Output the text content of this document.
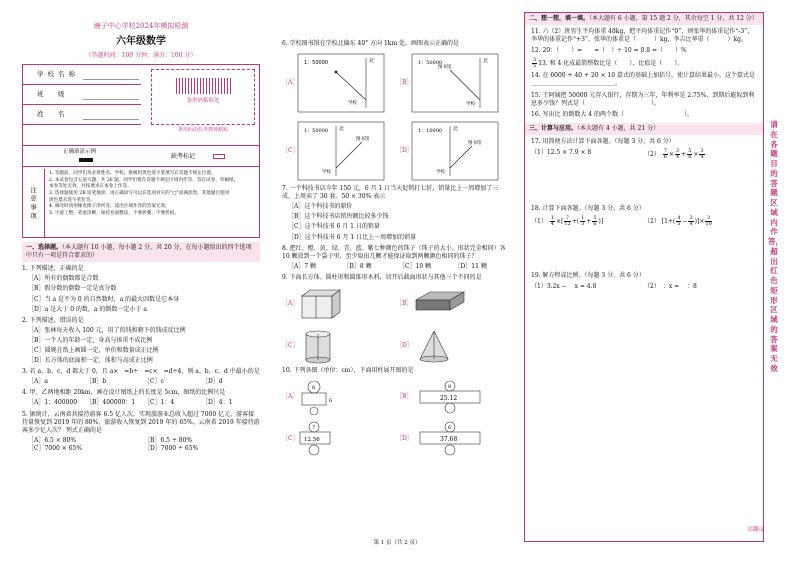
塘子中心学校2024年模拟检测
六年级数学
（答题时间：100 分钟，满分：100 分）
学校名称
班　级
姓　名
条形码粘贴处
条形码由监考教师粘贴
正确填涂示例
缺考标记
注
意
事
项
1. 答题前，同学们务必将姓名、学校、班级用黑色签字笔填写在答题卡规定位置。
2. 本试卷包含五道大题，共 26 题。同学们要在答题卡规定区域内作答，答在试卷、草稿纸、
本卷等处无效，并按要求在本卷上作答。
3. 选择题使用 2B 铅笔填涂，再正确涂写可以在选项对应的“□”涂满涂黑，其他题目使用
黑色墨水签字笔作答。
4. 修改时请用橡皮擦干净所答，超出区域作答的答案无效。
5. 字迹工整，笔迹清晰，保持卷面整洁，不要折叠、不要折损。
一、选择题。（本大题有 10 小题，每小题 2 分，共 20 分，在每小题给出的四个选项中只有一项是符合要求的）
1. 下列描述，正确的是
［A］所有的偶数都是合数
［B］假分数的倒数一定是真分数
［C］当 a 是不为 0 的自然数时，a 的最大因数是它本身
［D］a 是大于 0 的数，a 的倒数一定小于 a
2. 下列描述，错误的是
［A］张林每天收入 100 元，用了的钱和剩下的钱成反比例
［B］一个人的年龄一定，身高与体重不成比例
［C］圆规在纸上画圆一定，单价和数量成正比例
［D］长方体的底面积一定，体积与高成正比例
3. 若 a、b、c、d 都大于 0，且 a×　=b÷　=c×　=d÷4，则 a、b、c、d 中最小的是
［A］a	［B］b	［C］c	［D］d
4. 甲、乙两地相距 20km，画在设计图纸上的长度是 5cm，图纸的比例尺是
［A］1：400000	［B］400000：1	［C］1：4	［D］4：1
5. 据统计，云南省共接待游客 6.5 亿人次，实现旅游业总收入超过 7000 亿元，游客接待量恢复到 2019 年的 80%，旅游收入恢复到 2019 年的 65%。云南省 2019 年接待游客多少亿人次？ 列式正确的是
［A］6.5 × 80%	［B］6.5 ÷ 80%
［C］7000 × 65%	［D］7000 ÷ 65%
6. 学校图书馆在学校北偏东 40° 方向 1km 处。画图表示正确的是
［A］
1：50000	北
学校
［B］
1：50000	北
图书馆
学校
［C］
1：50000 北
图书馆
学校
［D］
1：10000 北
图书馆
学校
7. 一个科技书店今年 150 元，6 月 1 日当天促销打七折，销量比上一周增加了三成，上周卖了 30 套。50 × 30% 表示
［A］这个科技书的原价
［B］这个科技书店销售额比较多少钱
［C］这个科技书 6 月 1 日的销量
［D］这个科技书 6 月 1 日比上一周增加的销量
8. 把红、橙、黄、绿、青、蓝、紫七种颜色的珠子（珠子的大小、形状完全相同）各 10 颗放到一个袋子里，至少取出几颗才能保证取到两颗颜色相同的珠子？
［A］7 颗	［B］8 颗	［C］10 颗	［D］11 颗
9. 下面长方体、圆柱形和圆锥形木料，切开后截面形状与其他三个不同的是
［A］	［B］
［C］	［D］
10. 下列各图（单位：cm），下面用柱展开图的是
［A］
8
6
［B］
8
25.12
［C］
7
12.56	［D］
6
37.68
二、想一想，填一填。（本大题有 6 小题，第 15 题 2 分，其余每空 1 分，共 12 分）
11. 六（2）班男生平均体重 48kg，把平均体重记作“0”，则张华的体重记作“-3”，李华的体重记作“+3”，张华的体重是（　　　）kg，李吉比华重（　　　）kg。
12. 20：（　　）=　　=（　）÷ 10 = 0.8 =（　　）%
$\frac{3}{5} 13$. 和 4 化成最简整数比是（　　），比值是（　　）。
14. 在 6000 + 40 + 20 × 10 算式的基础上加括号，使计算结果最小，这个算式是＿＿＿＿＿＿＿＿＿＿＿＿＿＿。
15. 王阿姨把 50000 元存入银行，存期为三年，年利率是 2.75%，到期后能取到利息多少钱？列式是（　　　　　　　　　　　）。
16. 写出比 的倒数大 4 的两个数（　　　　　　　　　　）。
三、计算与应用。（本大题有 4 小题，共 21 分）
17. 用简便方法计算下面各题。（每题 3 分，共 6 分）
（1）12.5 × 7.9 × 8	$(2) \frac{7}{6} \times \frac{3}{4} + \frac{5}{6} \times \frac{3}{4}$
18. 计算下面各题。（每题 3 分，共 6 分）
$(1) \frac{1}{4}$ ×[ $\frac{7}{12}$ +( $\frac{1}{3} + \frac{5}{6}$ )]	（2） [$1+( \frac{4}{5} - \frac{3}{4}$ )]× $\frac{3}{10}$
19. 解方程或比例。（每题 3 分，共 6 分）
（1）3.2x − 　x = 4.8	（2）　：x = 　：8
请在各题目的答题区域内作答，超出红色矩形区域的答案无效
请翻页
第 1 页（共 2 页）
